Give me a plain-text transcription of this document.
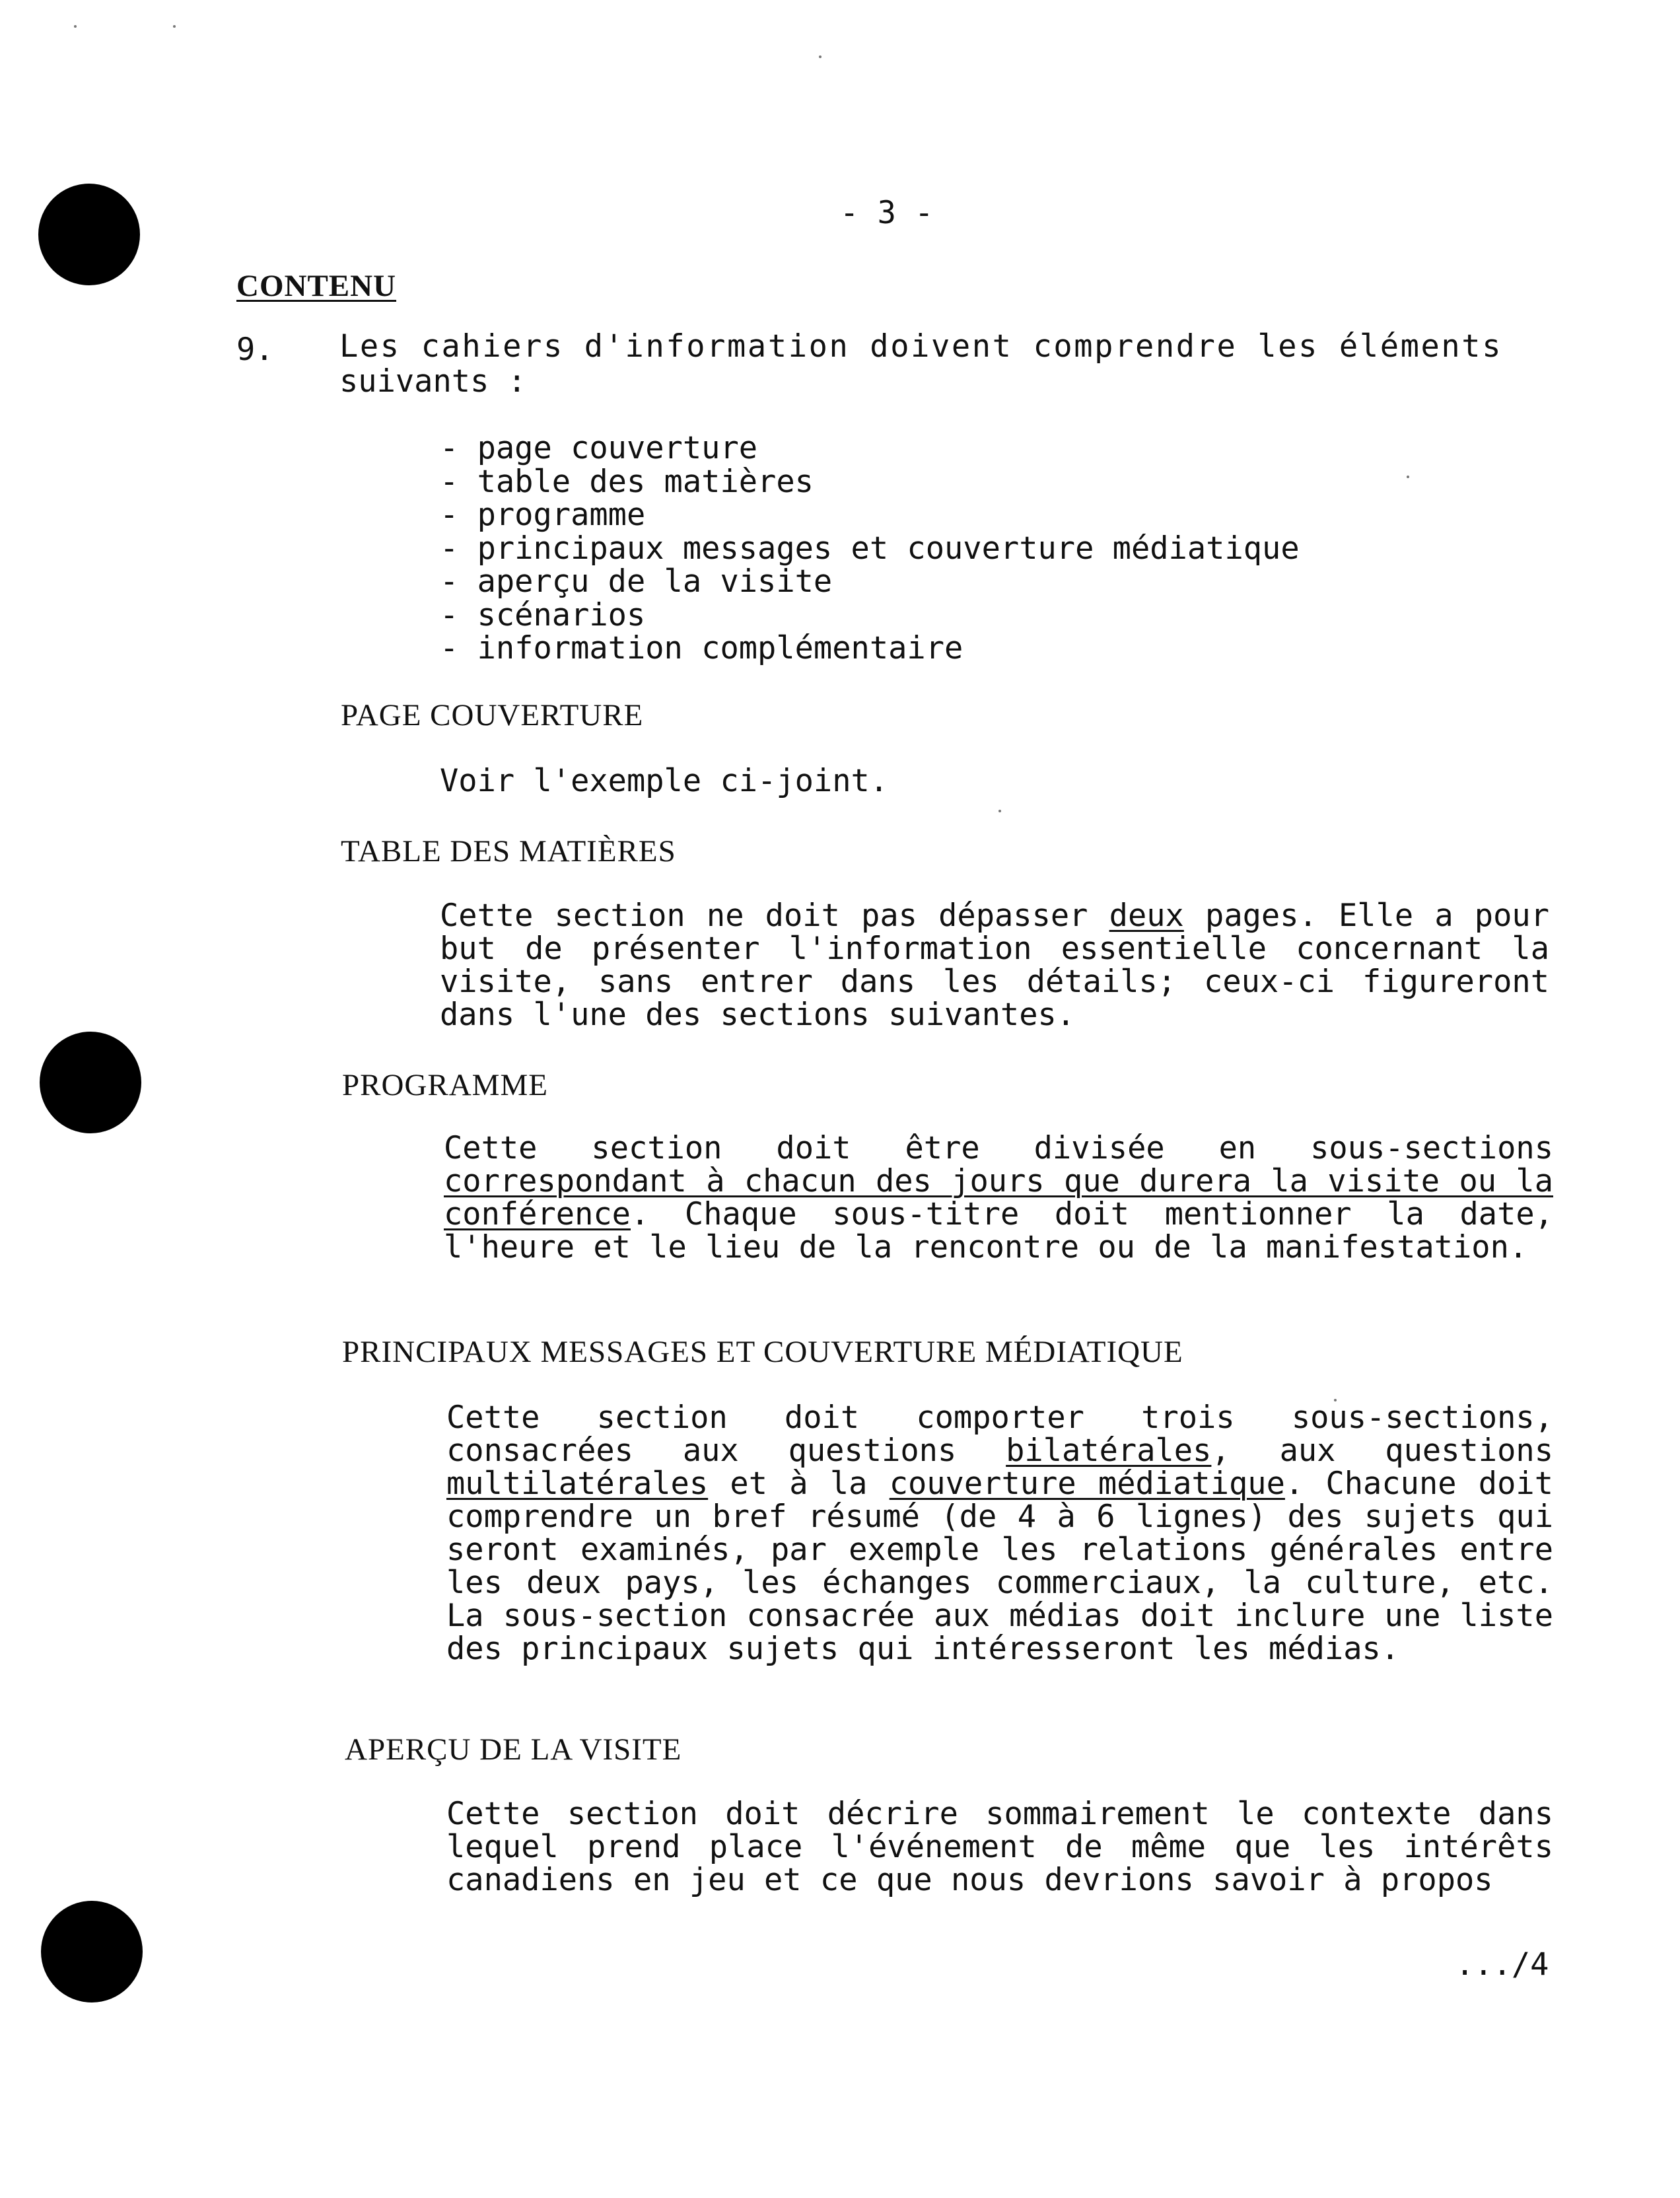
- 3 -
CONTENU
9. Les cahiers d'information doivent comprendre les éléments
suivants :
- page couverture
- table des matières
- programme
- principaux messages et couverture médiatique
- aperçu de la visite
- scénarios
- information complémentaire
PAGE COUVERTURE
Voir l'exemple ci-joint.
TABLE DES MATIÈRES
Cette section ne doit pas dépasser deux pages. Elle a pour but de présenter l'information essentielle concernant la visite, sans entrer dans les détails; ceux-ci figureront dans l'une des sections suivantes.
PROGRAMME
Cette section doit être divisée en sous-sections correspondant à chacun des jours que durera la visite ou la conférence. Chaque sous-titre doit mentionner la date, l'heure et le lieu de la rencontre ou de la manifestation.
PRINCIPAUX MESSAGES ET COUVERTURE MÉDIATIQUE
Cette section doit comporter trois sous-sections, consacrées aux questions bilatérales, aux questions multilatérales et à la couverture médiatique. Chacune doit comprendre un bref résumé (de 4 à 6 lignes) des sujets qui seront examinés, par exemple les relations générales entre les deux pays, les échanges commerciaux, la culture, etc. La sous-section consacrée aux médias doit inclure une liste des principaux sujets qui intéresseront les médias.
APERÇU DE LA VISITE
Cette section doit décrire sommairement le contexte dans lequel prend place l'événement de même que les intérêts canadiens en jeu et ce que nous devrions savoir à propos
.../4
